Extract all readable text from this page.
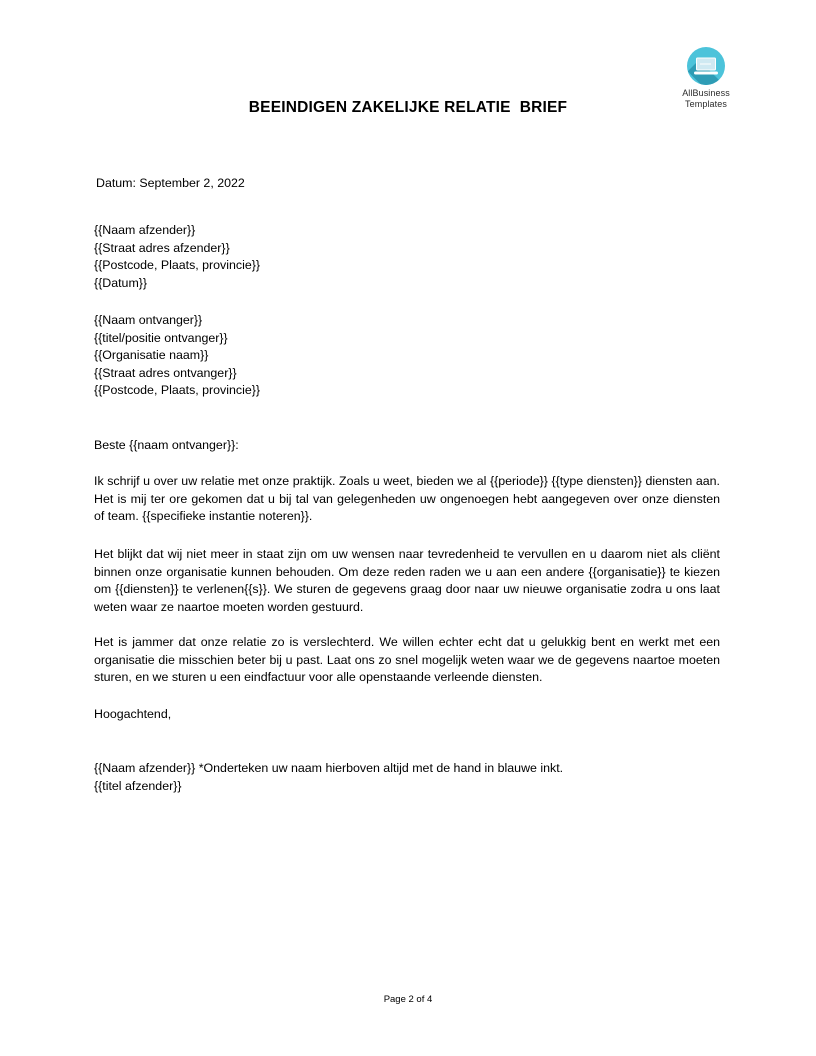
AllBusiness
Templates
BEEINDIGEN ZAKELIJKE RELATIE  BRIEF
Datum: September 2, 2022
{{Naam afzender}}
{{Straat adres afzender}}
{{Postcode, Plaats, provincie}}
{{Datum}}
{{Naam ontvanger}}
{{titel/positie ontvanger}}
{{Organisatie naam}}
{{Straat adres ontvanger}}
{{Postcode, Plaats, provincie}}
Beste {{naam ontvanger}}:
Ik schrijf u over uw relatie met onze praktijk. Zoals u weet, bieden we al {{periode}} {{type diensten}} diensten aan. Het is mij ter ore gekomen dat u bij tal van gelegenheden uw ongenoegen hebt aangegeven over onze diensten of team. {{specifieke instantie noteren}}.
Het blijkt dat wij niet meer in staat zijn om uw wensen naar tevredenheid te vervullen en u daarom niet als cliënt binnen onze organisatie kunnen behouden. Om deze reden raden we u aan een andere {{organisatie}} te kiezen om {{diensten}} te verlenen{{s}}. We sturen de gegevens graag door naar uw nieuwe organisatie zodra u ons laat weten waar ze naartoe moeten worden gestuurd.
Het is jammer dat onze relatie zo is verslechterd. We willen echter echt dat u gelukkig bent en werkt met een organisatie die misschien beter bij u past. Laat ons zo snel mogelijk weten waar we de gegevens naartoe moeten sturen, en we sturen u een eindfactuur voor alle openstaande verleende diensten.
Hoogachtend,
{{Naam afzender}} *Onderteken uw naam hierboven altijd met de hand in blauwe inkt.
{{titel afzender}}
Page 2 of 4
